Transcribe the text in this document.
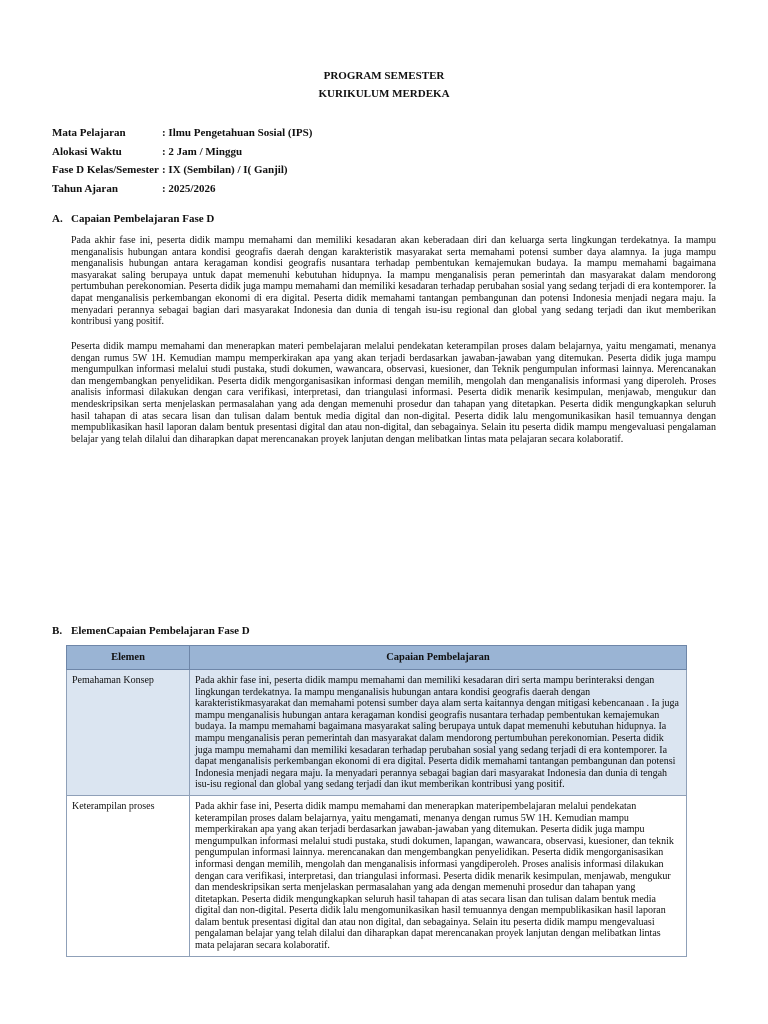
PROGRAM SEMESTER
KURIKULUM MERDEKA
Mata Pelajaran	: Ilmu Pengetahuan Sosial (IPS)
Alokasi Waktu	: 2 Jam / Minggu
Fase D Kelas/Semester : IX (Sembilan) / I( Ganjil)
Tahun Ajaran	: 2025/2026
A. Capaian Pembelajaran Fase D
Pada akhir fase ini, peserta didik mampu memahami dan memiliki kesadaran akan keberadaan diri dan keluarga serta lingkungan terdekatnya. Ia mampu menganalisis hubungan antara kondisi geografis daerah dengan karakteristik masyarakat serta memahami potensi sumber daya alamnya. Ia juga mampu menganalisis hubungan antara keragaman kondisi geografis nusantara terhadap pembentukan kemajemukan budaya. Ia mampu memahami bagaimana masyarakat saling berupaya untuk dapat memenuhi kebutuhan hidupnya. Ia mampu menganalisis peran pemerintah dan masyarakat dalam mendorong pertumbuhan perekonomian. Peserta didik juga mampu memahami dan memiliki kesadaran terhadap perubahan sosial yang sedang terjadi di era kontemporer. Ia dapat menganalisis perkembangan ekonomi di era digital. Peserta didik memahami tantangan pembangunan dan potensi Indonesia menjadi negara maju. Ia menyadari perannya sebagai bagian dari masyarakat Indonesia dan dunia di tengah isu-isu regional dan global yang sedang terjadi dan ikut memberikan kontribusi yang positif.
Peserta didik mampu memahami dan menerapkan materi pembelajaran melalui pendekatan keterampilan proses dalam belajarnya, yaitu mengamati, menanya dengan rumus 5W 1H. Kemudian mampu memperkirakan apa yang akan terjadi berdasarkan jawaban-jawaban yang ditemukan. Peserta didik juga mampu mengumpulkan informasi melalui studi pustaka, studi dokumen, wawancara, observasi, kuesioner, dan Teknik pengumpulan informasi lainnya. Merencanakan dan mengembangkan penyelidikan. Peserta didik mengorganisasikan informasi dengan memilih, mengolah dan menganalisis informasi yang diperoleh. Proses analisis informasi dilakukan dengan cara verifikasi, interpretasi, dan triangulasi informasi. Peserta didik menarik kesimpulan, menjawab, mengukur dan mendeskripsikan serta menjelaskan permasalahan yang ada dengan memenuhi prosedur dan tahapan yang ditetapkan. Peserta didik mengungkapkan seluruh hasil tahapan di atas secara lisan dan tulisan dalam bentuk media digital dan non-digital. Peserta didik lalu mengomunikasikan hasil temuannya dengan mempublikasikan hasil laporan dalam bentuk presentasi digital dan atau non-digital, dan sebagainya. Selain itu peserta didik mampu mengevaluasi pengalaman belajar yang telah dilalui dan diharapkan dapat merencanakan proyek lanjutan dengan melibatkan lintas mata pelajaran secara kolaboratif.
B. ElemenCapaian Pembelajaran Fase D
Elemen	Capaian Pembelajaran
Pemahaman Konsep	Pada akhir fase ini, peserta didik mampu memahami dan memiliki kesadaran diri serta mampu berinteraksi dengan lingkungan terdekatnya. Ia mampu menganalisis hubungan antara kondisi geografis daerah dengan karakteristikmasyarakat dan memahami potensi sumber daya alam serta kaitannya dengan mitigasi kebencanaan . Ia juga mampu menganalisis hubungan antara keragaman kondisi geografis nusantara terhadap pembentukan kemajemukan budaya. Ia mampu memahami bagaimana masyarakat saling berupaya untuk dapat memenuhi kebutuhan hidupnya. Ia mampu menganalisis peran pemerintah dan masyarakat dalam mendorong pertumbuhan perekonomian. Peserta didik juga mampu memahami dan memiliki kesadaran terhadap perubahan sosial yang sedang terjadi di era kontemporer. Ia dapat menganalisis perkembangan ekonomi di era digital. Peserta didik memahami tantangan pembangunan dan potensi Indonesia menjadi negara maju. Ia menyadari perannya sebagai bagian dari masyarakat Indonesia dan dunia di tengah isu-isu regional dan global yang sedang terjadi dan ikut memberikan kontribusi yang positif.
Keterampilan proses	Pada akhir fase ini, Peserta didik mampu memahami dan menerapkan materipembelajaran melalui pendekatan keterampilan proses dalam belajarnya, yaitu mengamati, menanya dengan rumus 5W 1H. Kemudian mampu memperkirakan apa yang akan terjadi berdasarkan jawaban-jawaban yang ditemukan. Peserta didik juga mampu mengumpulkan informasi melalui studi pustaka, studi dokumen, lapangan, wawancara, observasi, kuesioner, dan teknik pengumpulan informasi lainnya. merencanakan dan mengembangkan penyelidikan. Peserta didik mengorganisasikan informasi dengan memilih, mengolah dan menganalisis informasi yangdiperoleh. Proses analisis informasi dilakukan dengan cara verifikasi, interpretasi, dan triangulasi informasi. Peserta didik menarik kesimpulan, menjawab, mengukur dan mendeskripsikan serta menjelaskan permasalahan yang ada dengan memenuhi prosedur dan tahapan yang ditetapkan. Peserta didik mengungkapkan seluruh hasil tahapan di atas secara lisan dan tulisan dalam bentuk media digital dan non-digital. Peserta didik lalu mengomunikasikan hasil temuannya dengan mempublikasikan hasil laporan dalam bentuk presentasi digital dan atau non digital, dan sebagainya. Selain itu peserta didik mampu mengevaluasi pengalaman belajar yang telah dilalui dan diharapkan dapat merencanakan proyek lanjutan dengan melibatkan lintas mata pelajaran secara kolaboratif.
